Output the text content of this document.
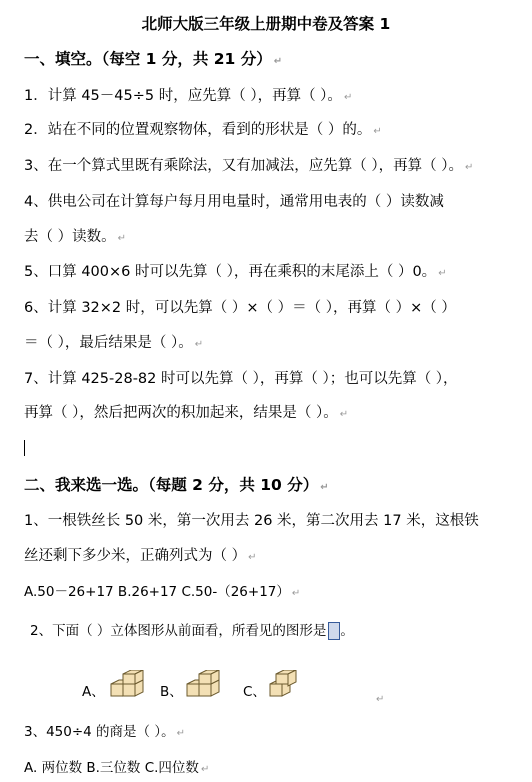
北师大版三年级上册期中卷及答案 1
一、填空。（每空 1 分，共 21 分） ↵
1．计算 45－45÷5 时，应先算（ ），再算（ ）。 ↵
2．站在不同的位置观察物体，看到的形状是（ ）的。 ↵
3、在一个算式里既有乘除法，又有加减法，应先算（ ），再算（ ）。 ↵
4、供电公司在计算每户每月用电量时，通常用电表的（ ）读数减
去（ ）读数。 ↵
5、口算 400×6 时可以先算（ ），再在乘积的末尾添上（ ）0。 ↵
6、计算 32×2 时，可以先算（ ）×（ ）＝（ ），再算（ ）×（ ）
＝（ ），最后结果是（ ）。 ↵
7、计算 425-28-82 时可以先算（ ），再算（ ）；也可以先算（ ），
再算（ ），然后把两次的积加起来，结果是（ ）。 ↵
二、我来选一选。（每题 2 分，共 10 分） ↵
1、一根铁丝长 50 米，第一次用去 26 米，第二次用去 17 米，这根铁
丝还剩下多少米，正确列式为（ ） ↵
A.50－26+17 B.26+17 C.50-（26+17） ↵
2、下面（ ）立体图形从前面看，所看见的图形是 。
A、	B、	C、	↵
3、450÷4 的商是（ ）。 ↵
A. 两位数 B.三位数 C.四位数 ↵
